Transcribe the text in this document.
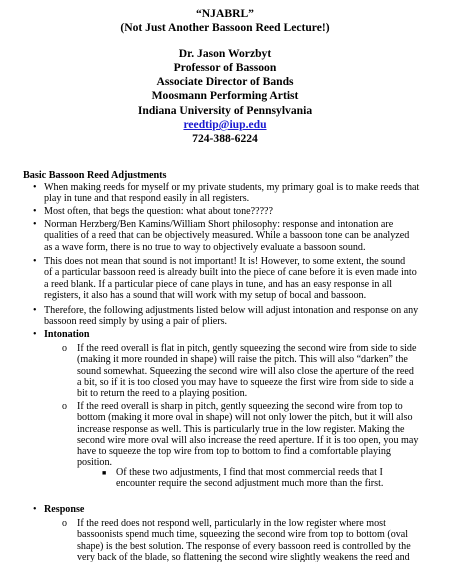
“NJABRL”
(Not Just Another Bassoon Reed Lecture!)
Dr. Jason Worzbyt
Professor of Bassoon
Associate Director of Bands
Moosmann Performing Artist
Indiana University of Pennsylvania
reedtip@iup.edu
724-388-6224
Basic Bassoon Reed Adjustments
• When making reeds for myself or my private students, my primary goal is to make reeds that
play in tune and that respond easily in all registers.
• Most often, that begs the question: what about tone?????
• Norman Herzberg/Ben Kamins/William Short philosophy: response and intonation are
qualities of a reed that can be objectively measured. While a bassoon tone can be analyzed
as a wave form, there is no true to way to objectively evaluate a bassoon sound.
• This does not mean that sound is not important! It is! However, to some extent, the sound
of a particular bassoon reed is already built into the piece of cane before it is even made into
a reed blank. If a particular piece of cane plays in tune, and has an easy response in all
registers, it also has a sound that will work with my setup of bocal and bassoon.
• Therefore, the following adjustments listed below will adjust intonation and response on any
bassoon reed simply by using a pair of pliers.
• Intonation
o If the reed overall is flat in pitch, gently squeezing the second wire from side to side
(making it more rounded in shape) will raise the pitch. This will also “darken” the
sound somewhat. Squeezing the second wire will also close the aperture of the reed
a bit, so if it is too closed you may have to squeeze the first wire from side to side a
bit to return the reed to a playing position.
o If the reed overall is sharp in pitch, gently squeezing the second wire from top to
bottom (making it more oval in shape) will not only lower the pitch, but it will also
increase response as well. This is particularly true in the low register. Making the
second wire more oval will also increase the reed aperture. If it is too open, you may
have to squeeze the top wire from top to bottom to find a comfortable playing
position.
■ Of these two adjustments, I find that most commercial reeds that I
encounter require the second adjustment much more than the first.
• Response
o If the reed does not respond well, particularly in the low register where most
bassoonists spend much time, squeezing the second wire from top to bottom (oval
shape) is the best solution. The response of every bassoon reed is controlled by the
very back of the blade, so flattening the second wire slightly weakens the reed and
